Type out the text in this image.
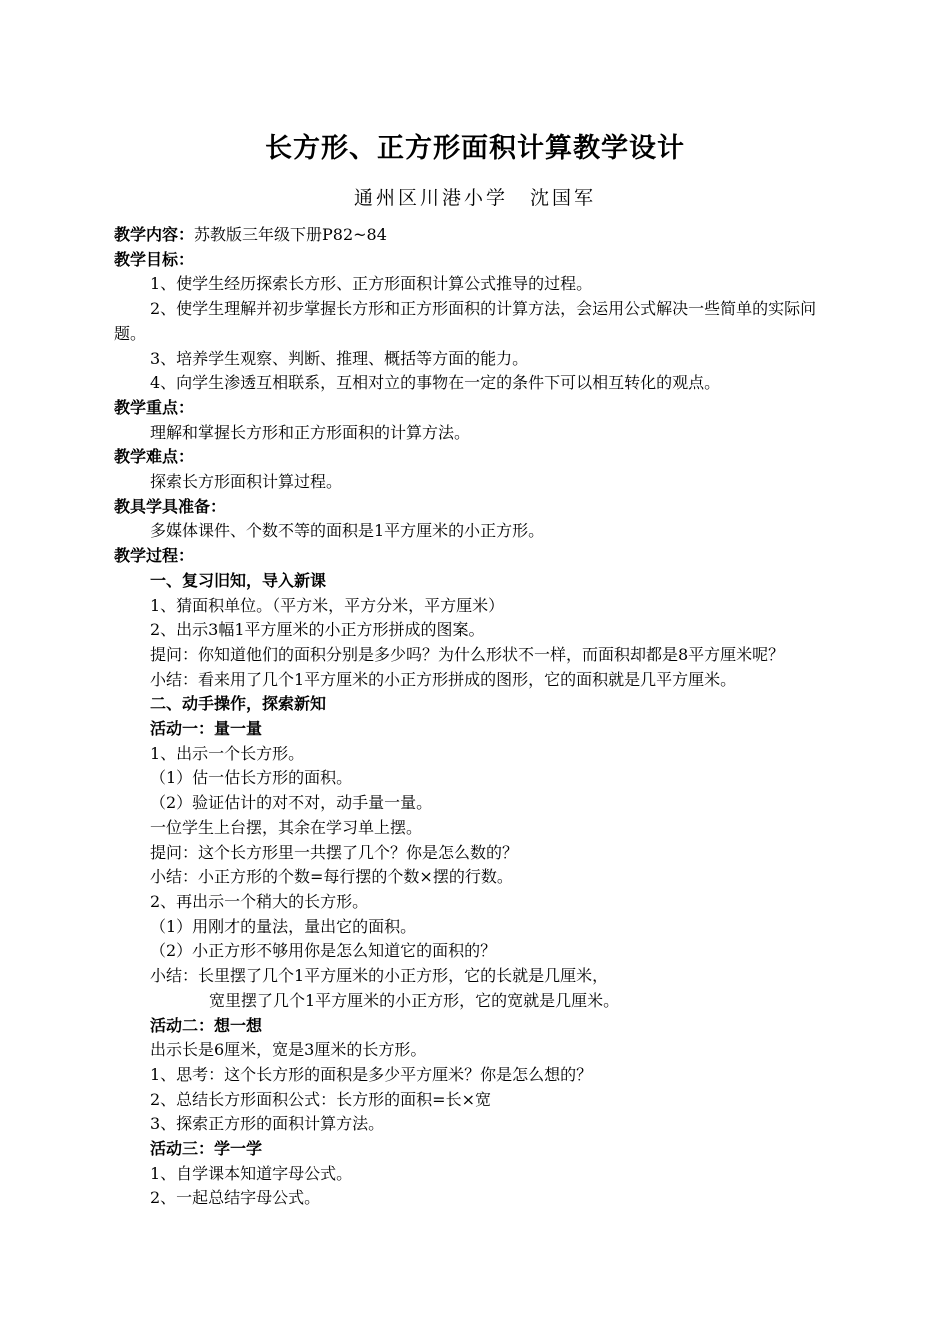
长方形、正方形面积计算教学设计
通州区川港小学　沈国军

教学内容：苏教版三年级下册P82~84

教学目标：

1、使学生经历探索长方形、正方形面积计算公式推导的过程。

2、使学生理解并初步掌握长方形和正方形面积的计算方法，会运用公式解决一些简单的实际问题。

3、培养学生观察、判断、推理、概括等方面的能力。

4、向学生渗透互相联系，互相对立的事物在一定的条件下可以相互转化的观点。

教学重点：

理解和掌握长方形和正方形面积的计算方法。

教学难点：

探索长方形面积计算过程。

教具学具准备：

多媒体课件、个数不等的面积是1平方厘米的小正方形。

教学过程：

一、复习旧知，导入新课

1、猜面积单位。（平方米，平方分米，平方厘米）

2、出示3幅1平方厘米的小正方形拼成的图案。

提问：你知道他们的面积分别是多少吗？为什么形状不一样，而面积却都是8平方厘米呢？

小结：看来用了几个1平方厘米的小正方形拼成的图形，它的面积就是几平方厘米。

二、动手操作，探索新知

活动一：量一量

1、出示一个长方形。

（1）估一估长方形的面积。

（2）验证估计的对不对，动手量一量。

一位学生上台摆，其余在学习单上摆。

提问：这个长方形里一共摆了几个？你是怎么数的？

小结：小正方形的个数=每行摆的个数×摆的行数。

2、再出示一个稍大的长方形。

（1）用刚才的量法，量出它的面积。

（2）小正方形不够用你是怎么知道它的面积的？

小结：长里摆了几个1平方厘米的小正方形，它的长就是几厘米，

宽里摆了几个1平方厘米的小正方形，它的宽就是几厘米。

活动二：想一想

出示长是6厘米，宽是3厘米的长方形。

1、思考：这个长方形的面积是多少平方厘米？你是怎么想的？

2、总结长方形面积公式：长方形的面积=长×宽

3、探索正方形的面积计算方法。

活动三：学一学

1、自学课本知道字母公式。

2、一起总结字母公式。
